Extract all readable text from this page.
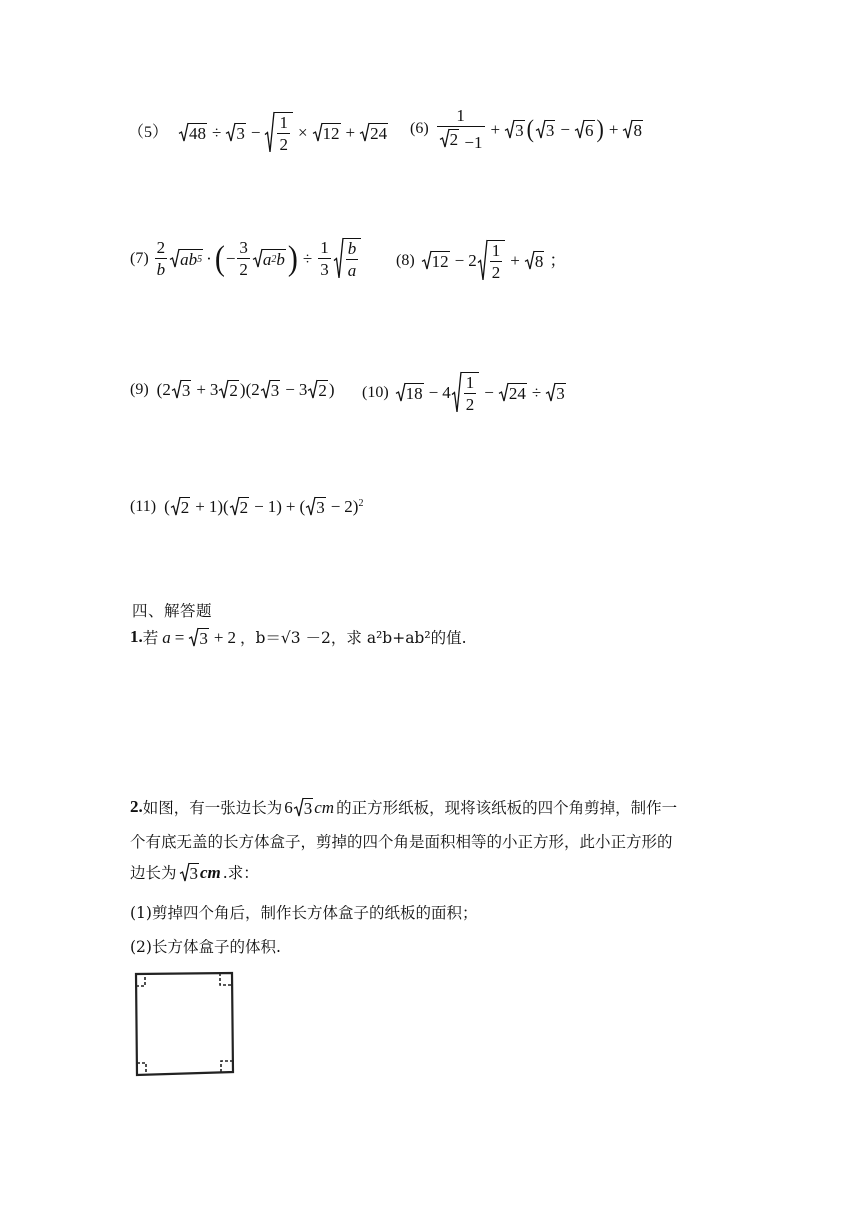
（5） $48 \div 3 - \frac{1}{2} \times 12 + 24$ $(6) \frac{1}{2 -1} + 3$ ( 3 − 6 ) + 8
$(7) \frac{2}{b}$ ab 5 · ( − $\frac{3}{2}$ a 2 b ) ÷ $\frac{1}{3} \frac{b}{a} (8) 12 - 2 \frac{1}{2} + 8$ ；
(9) (2 3 + 3 2 )(2 3 − 3 2 ) (10) $18 - 4 \frac{1}{2} - 24 \div 3$
(11) ( 2 + 1)( 2 − 1) + ( 3 − 2)$^2$
四、解答题
1. 若 a = 3 + 2 ，b＝√3 －2，求 a²b+ab²的值.
2. 如图，有一张边长为 6 3 cm 的正方形纸板，现将该纸板的四个角剪掉，制作一
个有底无盖的长方体盒子，剪掉的四个角是面积相等的小正方形，此小正方形的
边长为 3 cm .求：
(1)剪掉四个角后，制作长方体盒子的纸板的面积；
(2)长方体盒子的体积.
